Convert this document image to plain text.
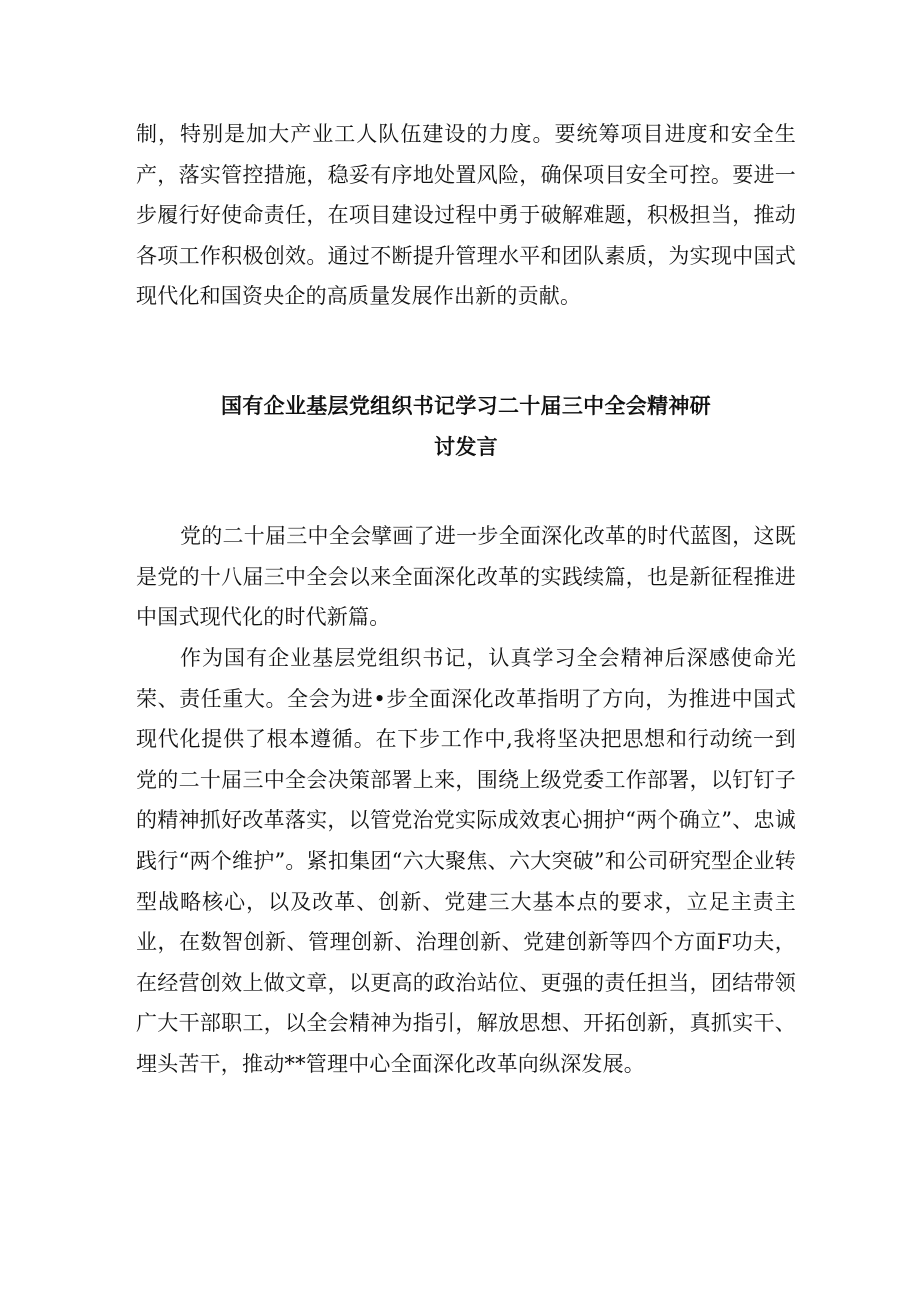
制，特别是加大产业工人队伍建设的力度。要统筹项目进度和安全生产，落实管控措施，稳妥有序地处置风险，确保项目安全可控。要进一步履行好使命责任，在项目建设过程中勇于破解难题，积极担当，推动各项工作积极创效。通过不断提升管理水平和团队素质，为实现中国式现代化和国资央企的高质量发展作出新的贡献。

国有企业基层党组织书记学习二十届三中全会精神研
讨发言

党的二十届三中全会擘画了进一步全面深化改革的时代蓝图，这既是党的十八届三中全会以来全面深化改革的实践续篇，也是新征程推进中国式现代化的时代新篇。

作为国有企业基层党组织书记，认真学习全会精神后深感使命光荣、责任重大。全会为进•步全面深化改革指明了方向，为推进中国式现代化提供了根本遵循。在下步工作中,我将坚决把思想和行动统一到党的二十届三中全会决策部署上来，围绕上级党委工作部署，以钉钉子的精神抓好改革落实，以管党治党实际成效衷心拥护“两个确立”、忠诚践行“两个维护”。紧扣集团“六大聚焦、六大突破”和公司研究型企业转型战略核心，以及改革、创新、党建三大基本点的要求，立足主责主业，在数智创新、管理创新、治理创新、党建创新等四个方面F功夫，在经营创效上做文章，以更高的政治站位、更强的责任担当，团结带领广大干部职工，以全会精神为指引，解放思想、开拓创新，真抓实干、埋头苦干，推动**管理中心全面深化改革向纵深发展。
